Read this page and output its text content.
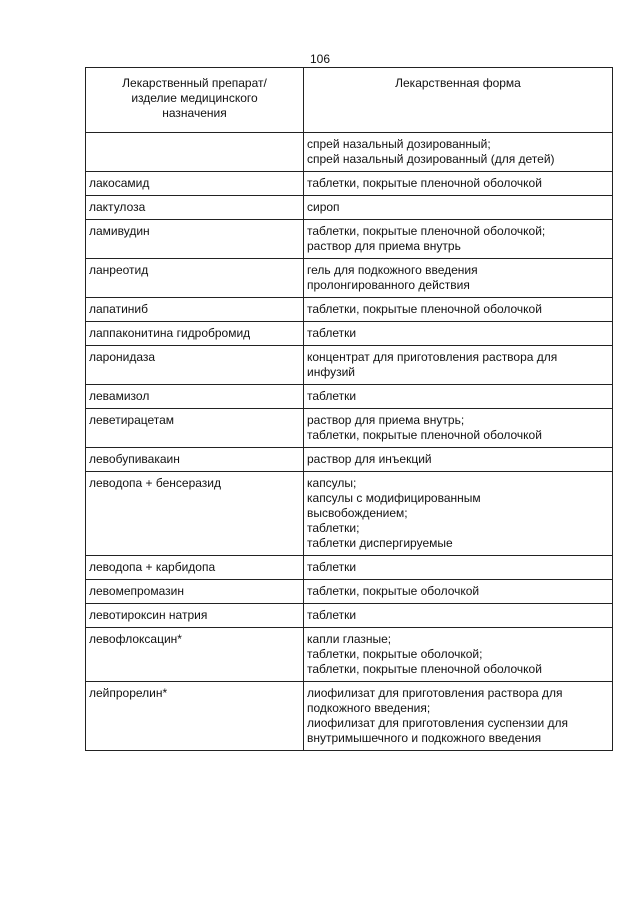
106
Лекарственный препарат/
изделие медицинского
назначения	Лекарственная форма

	спрей назальный дозированный;
спрей назальный дозированный (для детей)

лакосамид	таблетки, покрытые пленочной оболочкой

лактулоза	сироп

ламивудин	таблетки, покрытые пленочной оболочкой;
раствор для приема внутрь

ланреотид	гель для подкожного введения
пролонгированного действия

лапатиниб	таблетки, покрытые пленочной оболочкой

лаппаконитина гидробромид	таблетки

ларонидаза	концентрат для приготовления раствора для
инфузий

левамизол	таблетки

леветирацетам	раствор для приема внутрь;
таблетки, покрытые пленочной оболочкой

левобупивакаин	раствор для инъекций

леводопа + бенсеразид	капсулы;
капсулы с модифицированным
высвобождением;
таблетки;
таблетки диспергируемые

леводопа + карбидопа	таблетки

левомепромазин	таблетки, покрытые оболочкой

левотироксин натрия	таблетки

левофлоксацин*	капли глазные;
таблетки, покрытые оболочкой;
таблетки, покрытые пленочной оболочкой

лейпрорелин*	лиофилизат для приготовления раствора для
подкожного введения;
лиофилизат для приготовления суспензии для
внутримышечного и подкожного введения
